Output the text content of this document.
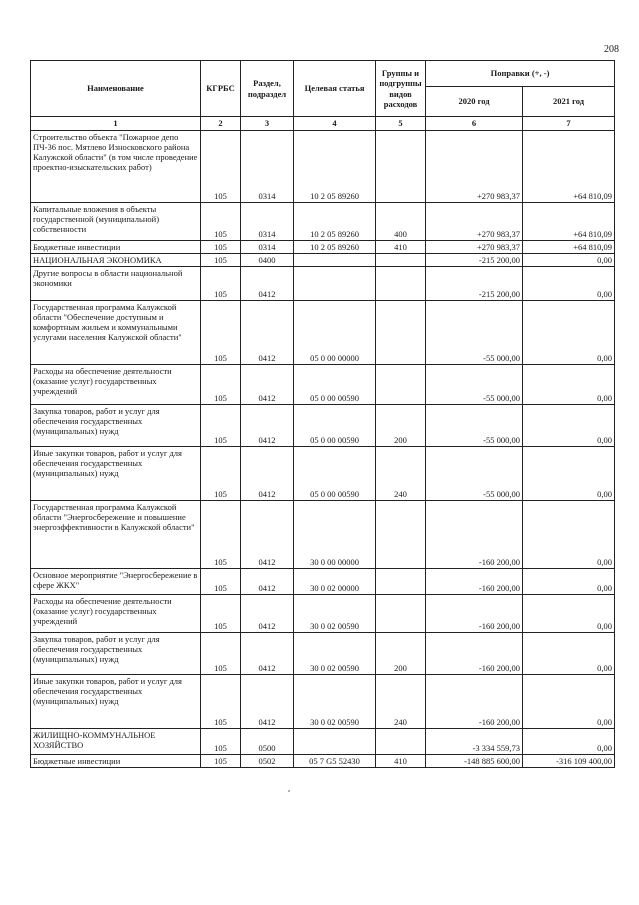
208
Наименование	КГРБС	Раздел, подраздел	Целевая статья	Группы и подгруппы видов расходов	Поправки (+, -)	
					2020 год	2021 год
1	2	3	4	5	6	7
Строительство объекта "Пожарное депо ПЧ-36 пос. Мятлево Износковского района Калужской области" (в том числе проведение проектно-изыскательских работ)	105	0314	10 2 05 89260		+270 983,37	+64 810,09
Капитальные вложения в объекты государственной (муниципальной) собственности	105	0314	10 2 05 89260	400	+270 983,37	+64 810,09
Бюджетные инвестиции	105	0314	10 2 05 89260	410	+270 983,37	+64 810,09
НАЦИОНАЛЬНАЯ ЭКОНОМИКА	105	0400			-215 200,00	0,00
Другие вопросы в области национальной экономики	105	0412			-215 200,00	0,00
Государственная программа Калужской области "Обеспечение доступным и комфортным жильем и коммунальными услугами населения Калужской области"	105	0412	05 0 00 00000		-55 000,00	0,00
Расходы на обеспечение деятельности (оказание услуг) государственных учреждений	105	0412	05 0 00 00590		-55 000,00	0,00
Закупка товаров, работ и услуг для обеспечения государственных (муниципальных) нужд	105	0412	05 0 00 00590	200	-55 000,00	0,00
Иные закупки товаров, работ и услуг для обеспечения государственных (муниципальных) нужд	105	0412	05 0 00 00590	240	-55 000,00	0,00
Государственная программа Калужской области "Энергосбережение и повышение энергоэффективности в Калужской области"	105	0412	30 0 00 00000		-160 200,00	0,00
Основное мероприятие "Энергосбережение в сфере ЖКХ"	105	0412	30 0 02 00000		-160 200,00	0,00
Расходы на обеспечение деятельности (оказание услуг) государственных учреждений	105	0412	30 0 02 00590		-160 200,00	0,00
Закупка товаров, работ и услуг для обеспечения государственных (муниципальных) нужд	105	0412	30 0 02 00590	200	-160 200,00	0,00
Иные закупки товаров, работ и услуг для обеспечения государственных (муниципальных) нужд	105	0412	30 0 02 00590	240	-160 200,00	0,00
ЖИЛИЩНО-КОММУНАЛЬНОЕ ХОЗЯЙСТВО	105	0500			-3 334 559,73	0,00
Бюджетные инвестиции	105	0502	05 7 G5 52430	410	-148 885 600,00	-316 109 400,00
